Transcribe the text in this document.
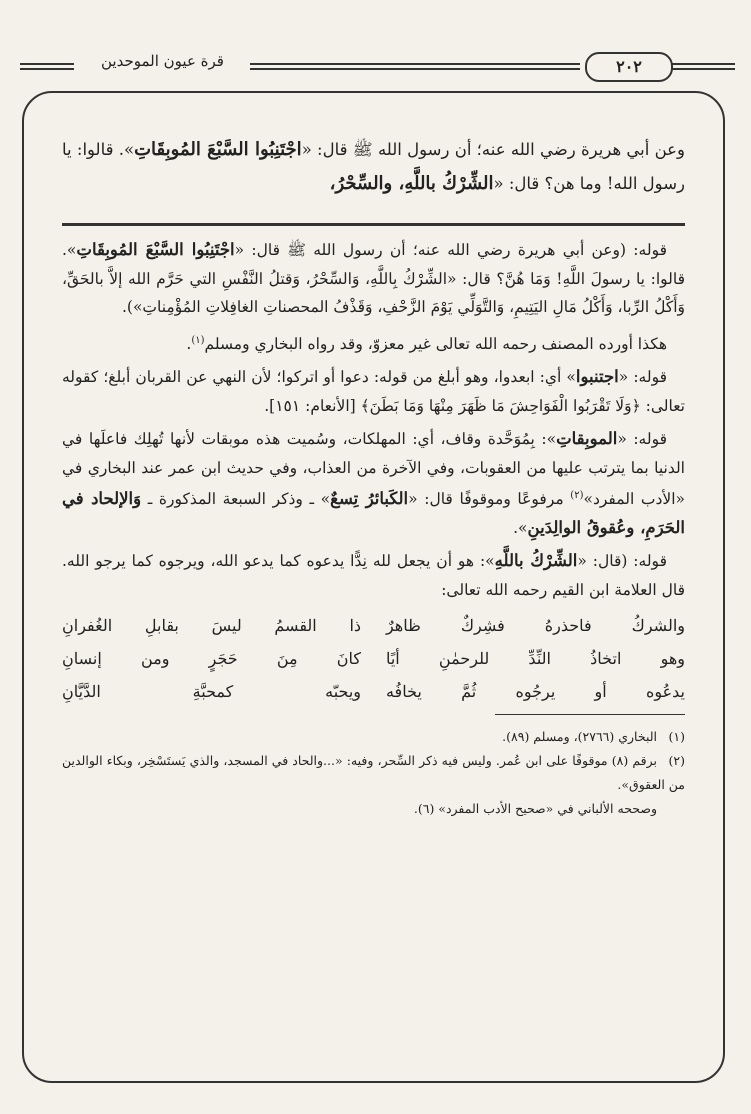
قرة عيون الموحدين	٢٠٢

وعن أبي هريرة رضي الله عنه؛ أن رسول الله ﷺ قال: «اجْتَنِبُوا السَّبْعَ المُوبِقَاتِ». قالوا: يا رسول الله! وما هن؟ قال: «الشِّرْكُ باللَّهِ، والسِّحْرُ،

قوله: (وعن أبي هريرة رضي الله عنه؛ أن رسول الله ﷺ قال: «اجْتَنِبُوا السَّبْعَ المُوبِقَاتِ». قالوا: يا رسولَ اللَّهِ! وَمَا هُنَّ؟ قال: «الشِّرْكُ بِاللَّهِ، وَالسِّحْرُ، وَقتلُ النَّفْسِ التي حَرَّم الله إلاَّ بالحَقِّ، وَأَكْلُ الرِّبا، وَأَكْلُ مَالِ اليَتِيمِ، وَالتَّوَلِّي يَوْمَ الزَّحْفِ، وَقَذْفُ المحصناتِ الغافِلاتِ المُؤْمِناتِ»).

هكذا أورده المصنف رحمه الله تعالى غير معزوّ، وقد رواه البخاري ومسلم$^{(١)}$.

قوله: «اجتنبوا» أي: ابعدوا، وهو أبلغ من قوله: دعوا أو اتركوا؛ لأن النهي عن القربان أبلغ؛ كقوله تعالى: ﴿وَلَا تَقْرَبُوا الْفَوَاحِشَ مَا ظَهَرَ مِنْهَا وَمَا بَطَنَ﴾ [الأنعام: ١٥١].

قوله: «الموبِقاتِ»: بِمُوَحَّدة وقاف، أي: المهلكات، وسُميت هذه موبقات لأنها تُهلِك فاعلَها في الدنيا بما يترتب عليها من العقوبات، وفي الآخرة من العذاب، وفي حديث ابن عمر عند البخاري في «الأدب المفرد»$^{(٢)}$ مرفوعًا وموقوفًا قال: «الكَبائرُ تِسعٌ» ـ وذكر السبعة المذكورة ـ وَالإلحاد في الحَرَمِ، وعُقوقُ الوالِدَينِ».

قوله: (قال: «الشِّرْكُ باللَّهِ»: هو أن يجعل لله نِدًّا يدعوه كما يدعو الله، ويرجوه كما يرجو الله. قال العلامة ابن القيم رحمه الله تعالى:

والشركُ فاحذرهُ فشِركٌ ظاهرٌ
ذا القسمُ ليسَ بقابلِ الغُفرانِ
وهو اتخاذُ النِّدِّ للرحمٰنِ أيًا
كانَ مِنَ حَجَرٍ ومن إنسانِ
يدعُوه أو يرجُوه ثُمَّ يخافُه
ويحبّه كمحبَّةِ الدَّيَّانِ

(١)البخاري (٢٧٦٦)، ومسلم (٨٩).

(٢)برقم (٨) موقوفًا على ابن عُمر. وليس فيه ذكر السِّحر، وفيه: «...والحاد في المسجد، والذي يَستَسْخِر، وبكاء الوالدين من العقوق».

وصححه الألباني في «صحيح الأدب المفرد» (٦).
